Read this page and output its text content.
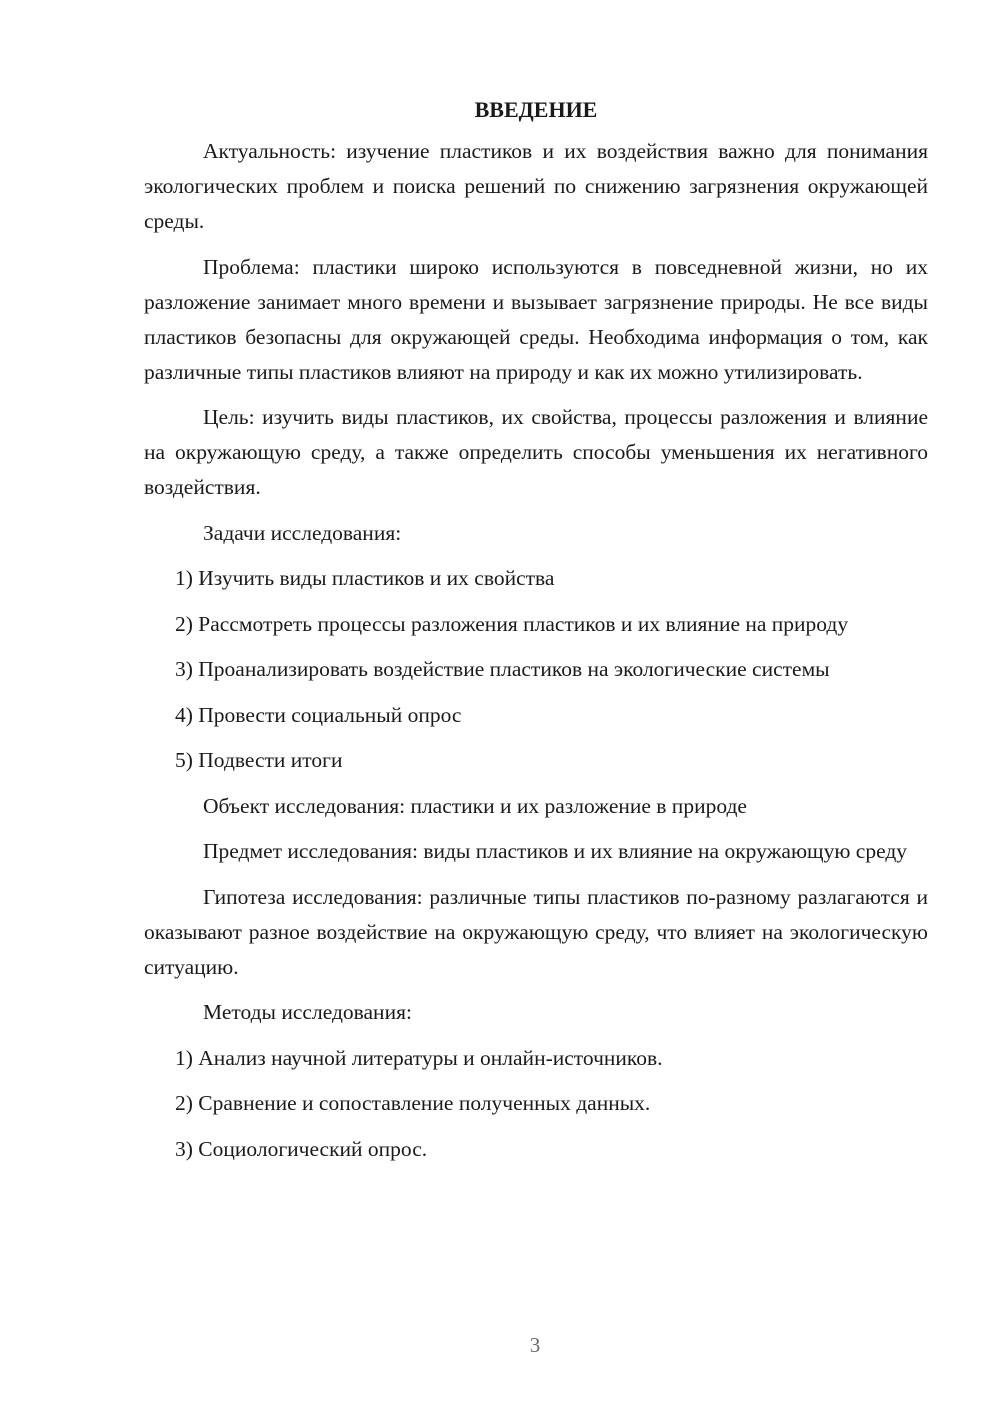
ВВЕДЕНИЕ

Актуальность: изучение пластиков и их воздействия важно для понимания экологических проблем и поиска решений по снижению загрязнения окружающей среды.

Проблема: пластики широко используются в повседневной жизни, но их разложение занимает много времени и вызывает загрязнение природы. Не все виды пластиков безопасны для окружающей среды. Необходима информация о том, как различные типы пластиков влияют на природу и как их можно утилизировать.

Цель: изучить виды пластиков, их свойства, процессы разложения и влияние на окружающую среду, а также определить способы уменьшения их негативного воздействия.

Задачи исследования:

1) Изучить виды пластиков и их свойства

2) Рассмотреть процессы разложения пластиков и их влияние на природу

3) Проанализировать воздействие пластиков на экологические системы

4) Провести социальный опрос

5) Подвести итоги

Объект исследования: пластики и их разложение в природе

Предмет исследования: виды пластиков и их влияние на окружающую среду

Гипотеза исследования: различные типы пластиков по-разному разлагаются и оказывают разное воздействие на окружающую среду, что влияет на экологическую ситуацию.

Методы исследования:

1) Анализ научной литературы и онлайн-источников.

2) Сравнение и сопоставление полученных данных.

3) Социологический опрос.

3
